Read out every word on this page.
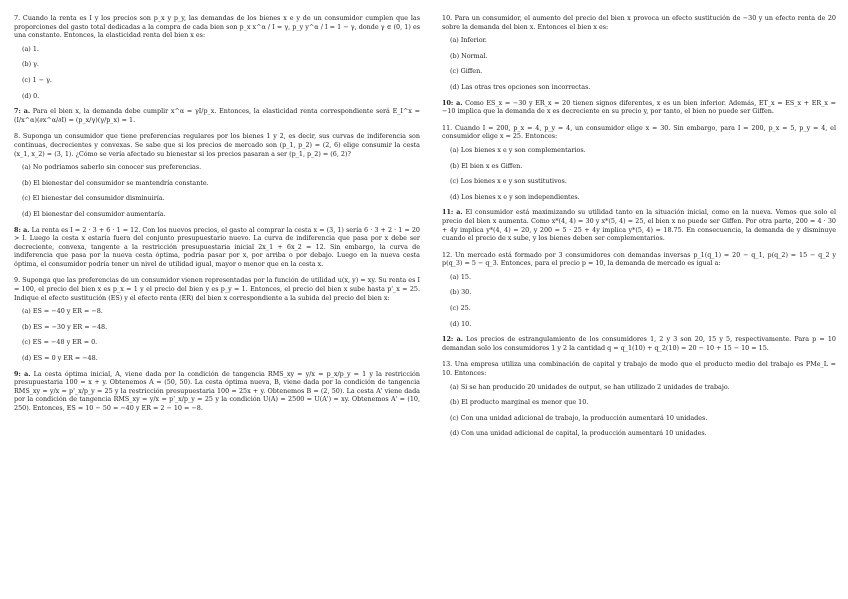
7. Cuando la renta es I y los precios son p_x y p_y, las demandas de los bienes x e y de un consumidor cumplen que las proporciones del gasto total dedicadas a la compra de cada bien son p_x x^α / I = γ, p_y y^α / I = 1 − γ, donde γ ∈ (0, 1) es una constante. Entonces, la elasticidad renta del bien x es:

(a) 1.
(b) γ.
(c) 1 − γ.
(d) 0.

7: a. Para el bien x, la demanda debe cumplir x^α = γI/p_x. Entonces, la elasticidad renta correspondiente será E_I^x = (I/x^α)(∂x^α/∂I) = (p_x/γ)(γ/p_x) = 1.

8. Suponga un consumidor que tiene preferencias regulares por los bienes 1 y 2, es decir, sus curvas de indiferencia son continuas, decrecientes y convexas. Se sabe que si los precios de mercado son (p_1, p_2) = (2, 6) elige consumir la cesta (x_1, x_2) = (3, 1). ¿Cómo se vería afectado su bienestar si los precios pasaran a ser (p_1, p_2) = (6, 2)?

(a) No podríamos saberlo sin conocer sus preferencias.
(b) El bienestar del consumidor se mantendría constante.
(c) El bienestar del consumidor disminuiría.
(d) El bienestar del consumidor aumentaría.

8: a. La renta es I = 2 · 3 + 6 · 1 = 12. Con los nuevos precios, el gasto al comprar la cesta x = (3, 1) sería 6 · 3 + 2 · 1 = 20 > I. Luego la cesta x estaría fuera del conjunto presupuestario nuevo. La curva de indiferencia que pasa por x debe ser decreciente, convexa, tangente a la restricción presupuestaria inicial 2x_1 + 6x_2 = 12. Sin embargo, la curva de indiferencia que pasa por la nueva cesta óptima, podría pasar por x, por arriba o por debajo. Luego en la nueva cesta óptima, el consumidor podría tener un nivel de utilidad igual, mayor o menor que en la cesta x.

9. Suponga que las preferencias de un consumidor vienen representadas por la función de utilidad u(x, y) = xy. Su renta es I = 100, el precio del bien x es p_x = 1 y el precio del bien y es p_y = 1. Entonces, el precio del bien x sube hasta p'_x = 25. Indique el efecto sustitución (ES) y el efecto renta (ER) del bien x correspondiente a la subida del precio del bien x:

(a) ES = −40 y ER = −8.
(b) ES = −30 y ER = −48.
(c) ES = −48 y ER = 0.
(d) ES = 0 y ER = −48.

9: a. La cesta óptima inicial, A, viene dada por la condición de tangencia RMS_xy = y/x = p_x/p_y = 1 y la restricción presupuestaria 100 = x + y. Obtenemos A = (50, 50). La cesta óptima nueva, B, viene dada por la condición de tangencia RMS_xy = y/x = p'_x/p_y = 25 y la restricción presupuestaria 100 = 25x + y. Obtenemos B = (2, 50). La cesta A' viene dada por la condición de tangencia RMS_xy = y/x = p'_x/p_y = 25 y la condición U(A) = 2500 = U(A') = xy. Obtenemos A' = (10, 250). Entonces, ES = 10 − 50 = −40 y ER = 2 − 10 = −8.

10. Para un consumidor, el aumento del precio del bien x provoca un efecto sustitución de −30 y un efecto renta de 20 sobre la demanda del bien x. Entonces el bien x es:

(a) Inferior.
(b) Normal.
(c) Giffen.
(d) Las otras tres opciones son incorrectas.

10: a. Como ES_x = −30 y ER_x = 20 tienen signos diferentes, x es un bien inferior. Además, ET_x = ES_x + ER_x = −10 implica que la demanda de x es decreciente en su precio y, por tanto, el bien no puede ser Giffen.

11. Cuando I = 200, p_x = 4, p_y = 4, un consumidor elige x = 30. Sin embargo, para I = 200, p_x = 5, p_y = 4, el consumidor elige x = 25. Entonces:

(a) Los bienes x e y son complementarios.
(b) El bien x es Giffen.
(c) Los bienes x e y son sustitutivos.
(d) Los bienes x e y son independientes.

11: a. El consumidor está maximizando su utilidad tanto en la situación inicial, como en la nueva. Vemos que solo el precio del bien x aumenta. Como x*(4, 4) = 30 y x*(5, 4) = 25, el bien x no puede ser Giffen. Por otra parte, 200 = 4 · 30 + 4y implica y*(4, 4) = 20, y 200 = 5 · 25 + 4y implica y*(5, 4) = 18.75. En consecuencia, la demanda de y disminuye cuando el precio de x sube, y los bienes deben ser complementarios.

12. Un mercado está formado por 3 consumidores con demandas inversas p_1(q_1) = 20 − q_1, p(q_2) = 15 − q_2 y p(q_3) = 5 − q_3. Entonces, para el precio p = 10, la demanda de mercado es igual a:

(a) 15.
(b) 30.
(c) 25.
(d) 10.

12: a. Los precios de estrangulamiento de los consumidores 1, 2 y 3 son 20, 15 y 5, respectivamente. Para p = 10 demandan solo los consumidores 1 y 2 la cantidad q = q_1(10) + q_2(10) = 20 − 10 + 15 − 10 = 15.

13. Una empresa utiliza una combinación de capital y trabajo de modo que el producto medio del trabajo es PMe_L = 10. Entonces:

(a) Si se han producido 20 unidades de output, se han utilizado 2 unidades de trabajo.
(b) El producto marginal es menor que 10.
(c) Con una unidad adicional de trabajo, la producción aumentará 10 unidades.
(d) Con una unidad adicional de capital, la producción aumentará 10 unidades.
